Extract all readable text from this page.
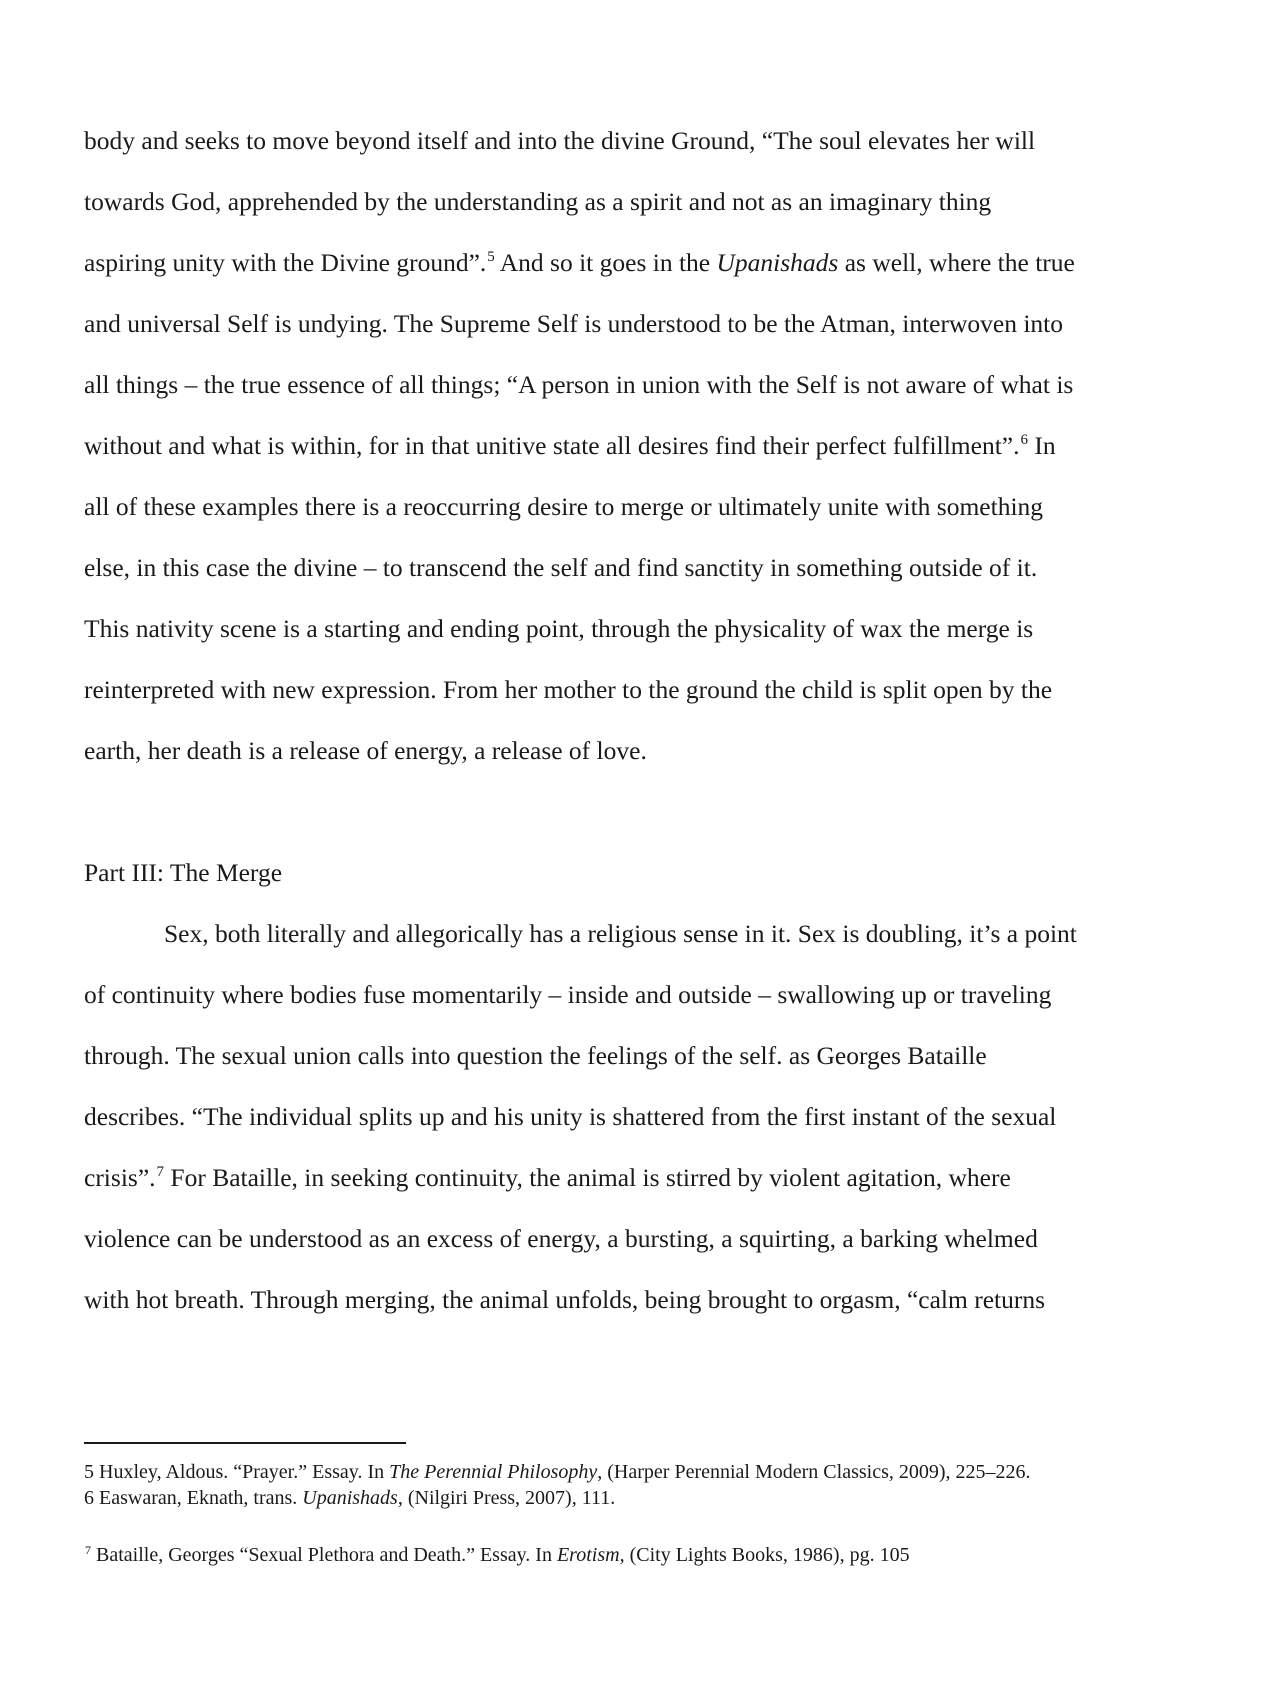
body and seeks to move beyond itself and into the divine Ground, “The soul elevates her will
towards God, apprehended by the understanding as a spirit and not as an imaginary thing
aspiring unity with the Divine ground”.$^5$ And so it goes in the Upanishads as well, where the true
and universal Self is undying. The Supreme Self is understood to be the Atman, interwoven into
all things – the true essence of all things; “A person in union with the Self is not aware of what is
without and what is within, for in that unitive state all desires find their perfect fulfillment”.$^6$ In
all of these examples there is a reoccurring desire to merge or ultimately unite with something
else, in this case the divine – to transcend the self and find sanctity in something outside of it.
This nativity scene is a starting and ending point, through the physicality of wax the merge is
reinterpreted with new expression. From her mother to the ground the child is split open by the
earth, her death is a release of energy, a release of love.
Part III: The Merge
Sex, both literally and allegorically has a religious sense in it. Sex is doubling, it’s a point
of continuity where bodies fuse momentarily – inside and outside – swallowing up or traveling
through. The sexual union calls into question the feelings of the self. as Georges Bataille
describes. “The individual splits up and his unity is shattered from the first instant of the sexual
crisis”.$^7$ For Bataille, in seeking continuity, the animal is stirred by violent agitation, where
violence can be understood as an excess of energy, a bursting, a squirting, a barking whelmed
with hot breath. Through merging, the animal unfolds, being brought to orgasm, “calm returns
5 Huxley, Aldous. “Prayer.” Essay. In The Perennial Philosophy, (Harper Perennial Modern Classics, 2009), 225–226.
6 Easwaran, Eknath, trans. Upanishads, (Nilgiri Press, 2007), 111.
$^7$ Bataille, Georges “Sexual Plethora and Death.” Essay. In Erotism, (City Lights Books, 1986), pg. 105
